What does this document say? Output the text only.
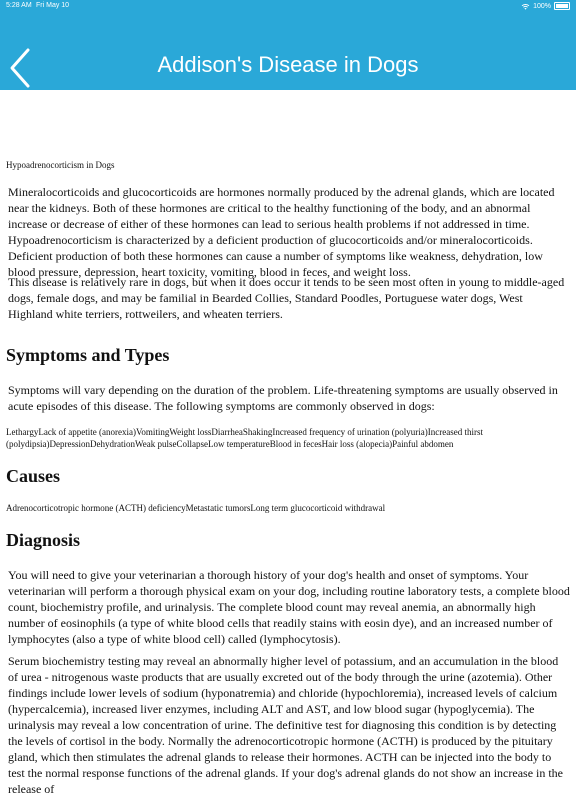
5:28 AM Fri May 10	100%
Addison's Disease in Dogs
Hypoadrenocorticism in Dogs

Mineralocorticoids and glucocorticoids are hormones normally produced by the adrenal glands, which are located near the kidneys. Both of these hormones are critical to the healthy functioning of the body, and an abnormal increase or decrease of either of these hormones can lead to serious health problems if not addressed in time. Hypoadrenocorticism is characterized by a deficient production of glucocorticoids and/or mineralocorticoids. Deficient production of both these hormones can cause a number of symptoms like weakness, dehydration, low blood pressure, depression, heart toxicity, vomiting, blood in feces, and weight loss.

This disease is relatively rare in dogs, but when it does occur it tends to be seen most often in young to middle-aged dogs, female dogs, and may be familial in Bearded Collies, Standard Poodles, Portuguese water dogs, West Highland white terriers, rottweilers, and wheaten terriers.

Symptoms and Types

Symptoms will vary depending on the duration of the problem. Life-threatening symptoms are usually observed in acute episodes of this disease. The following symptoms are commonly observed in dogs:

LethargyLack of appetite (anorexia)VomitingWeight lossDiarrheaShakingIncreased frequency of urination (polyuria)Increased thirst (polydipsia)DepressionDehydrationWeak pulseCollapseLow temperatureBlood in fecesHair loss (alopecia)Painful abdomen

Causes

Adrenocorticotropic hormone (ACTH) deficiencyMetastatic tumorsLong term glucocorticoid withdrawal

Diagnosis

You will need to give your veterinarian a thorough history of your dog's health and onset of symptoms. Your veterinarian will perform a thorough physical exam on your dog, including routine laboratory tests, a complete blood count, biochemistry profile, and urinalysis. The complete blood count may reveal anemia, an abnormally high number of eosinophils (a type of white blood cells that readily stains with eosin dye), and an increased number of lymphocytes (also a type of white blood cell) called (lymphocytosis).

Serum biochemistry testing may reveal an abnormally higher level of potassium, and an accumulation in the blood of urea - nitrogenous waste products that are usually excreted out of the body through the urine (azotemia). Other findings include lower levels of sodium (hyponatremia) and chloride (hypochloremia), increased levels of calcium (hypercalcemia), increased liver enzymes, including ALT and AST, and low blood sugar (hypoglycemia). The urinalysis may reveal a low concentration of urine. The definitive test for diagnosing this condition is by detecting the levels of cortisol in the body. Normally the adrenocorticotropic hormone (ACTH) is produced by the pituitary gland, which then stimulates the adrenal glands to release their hormones. ACTH can be injected into the body to test the normal response functions of the adrenal glands. If your dog's adrenal glands do not show an increase in the release of
